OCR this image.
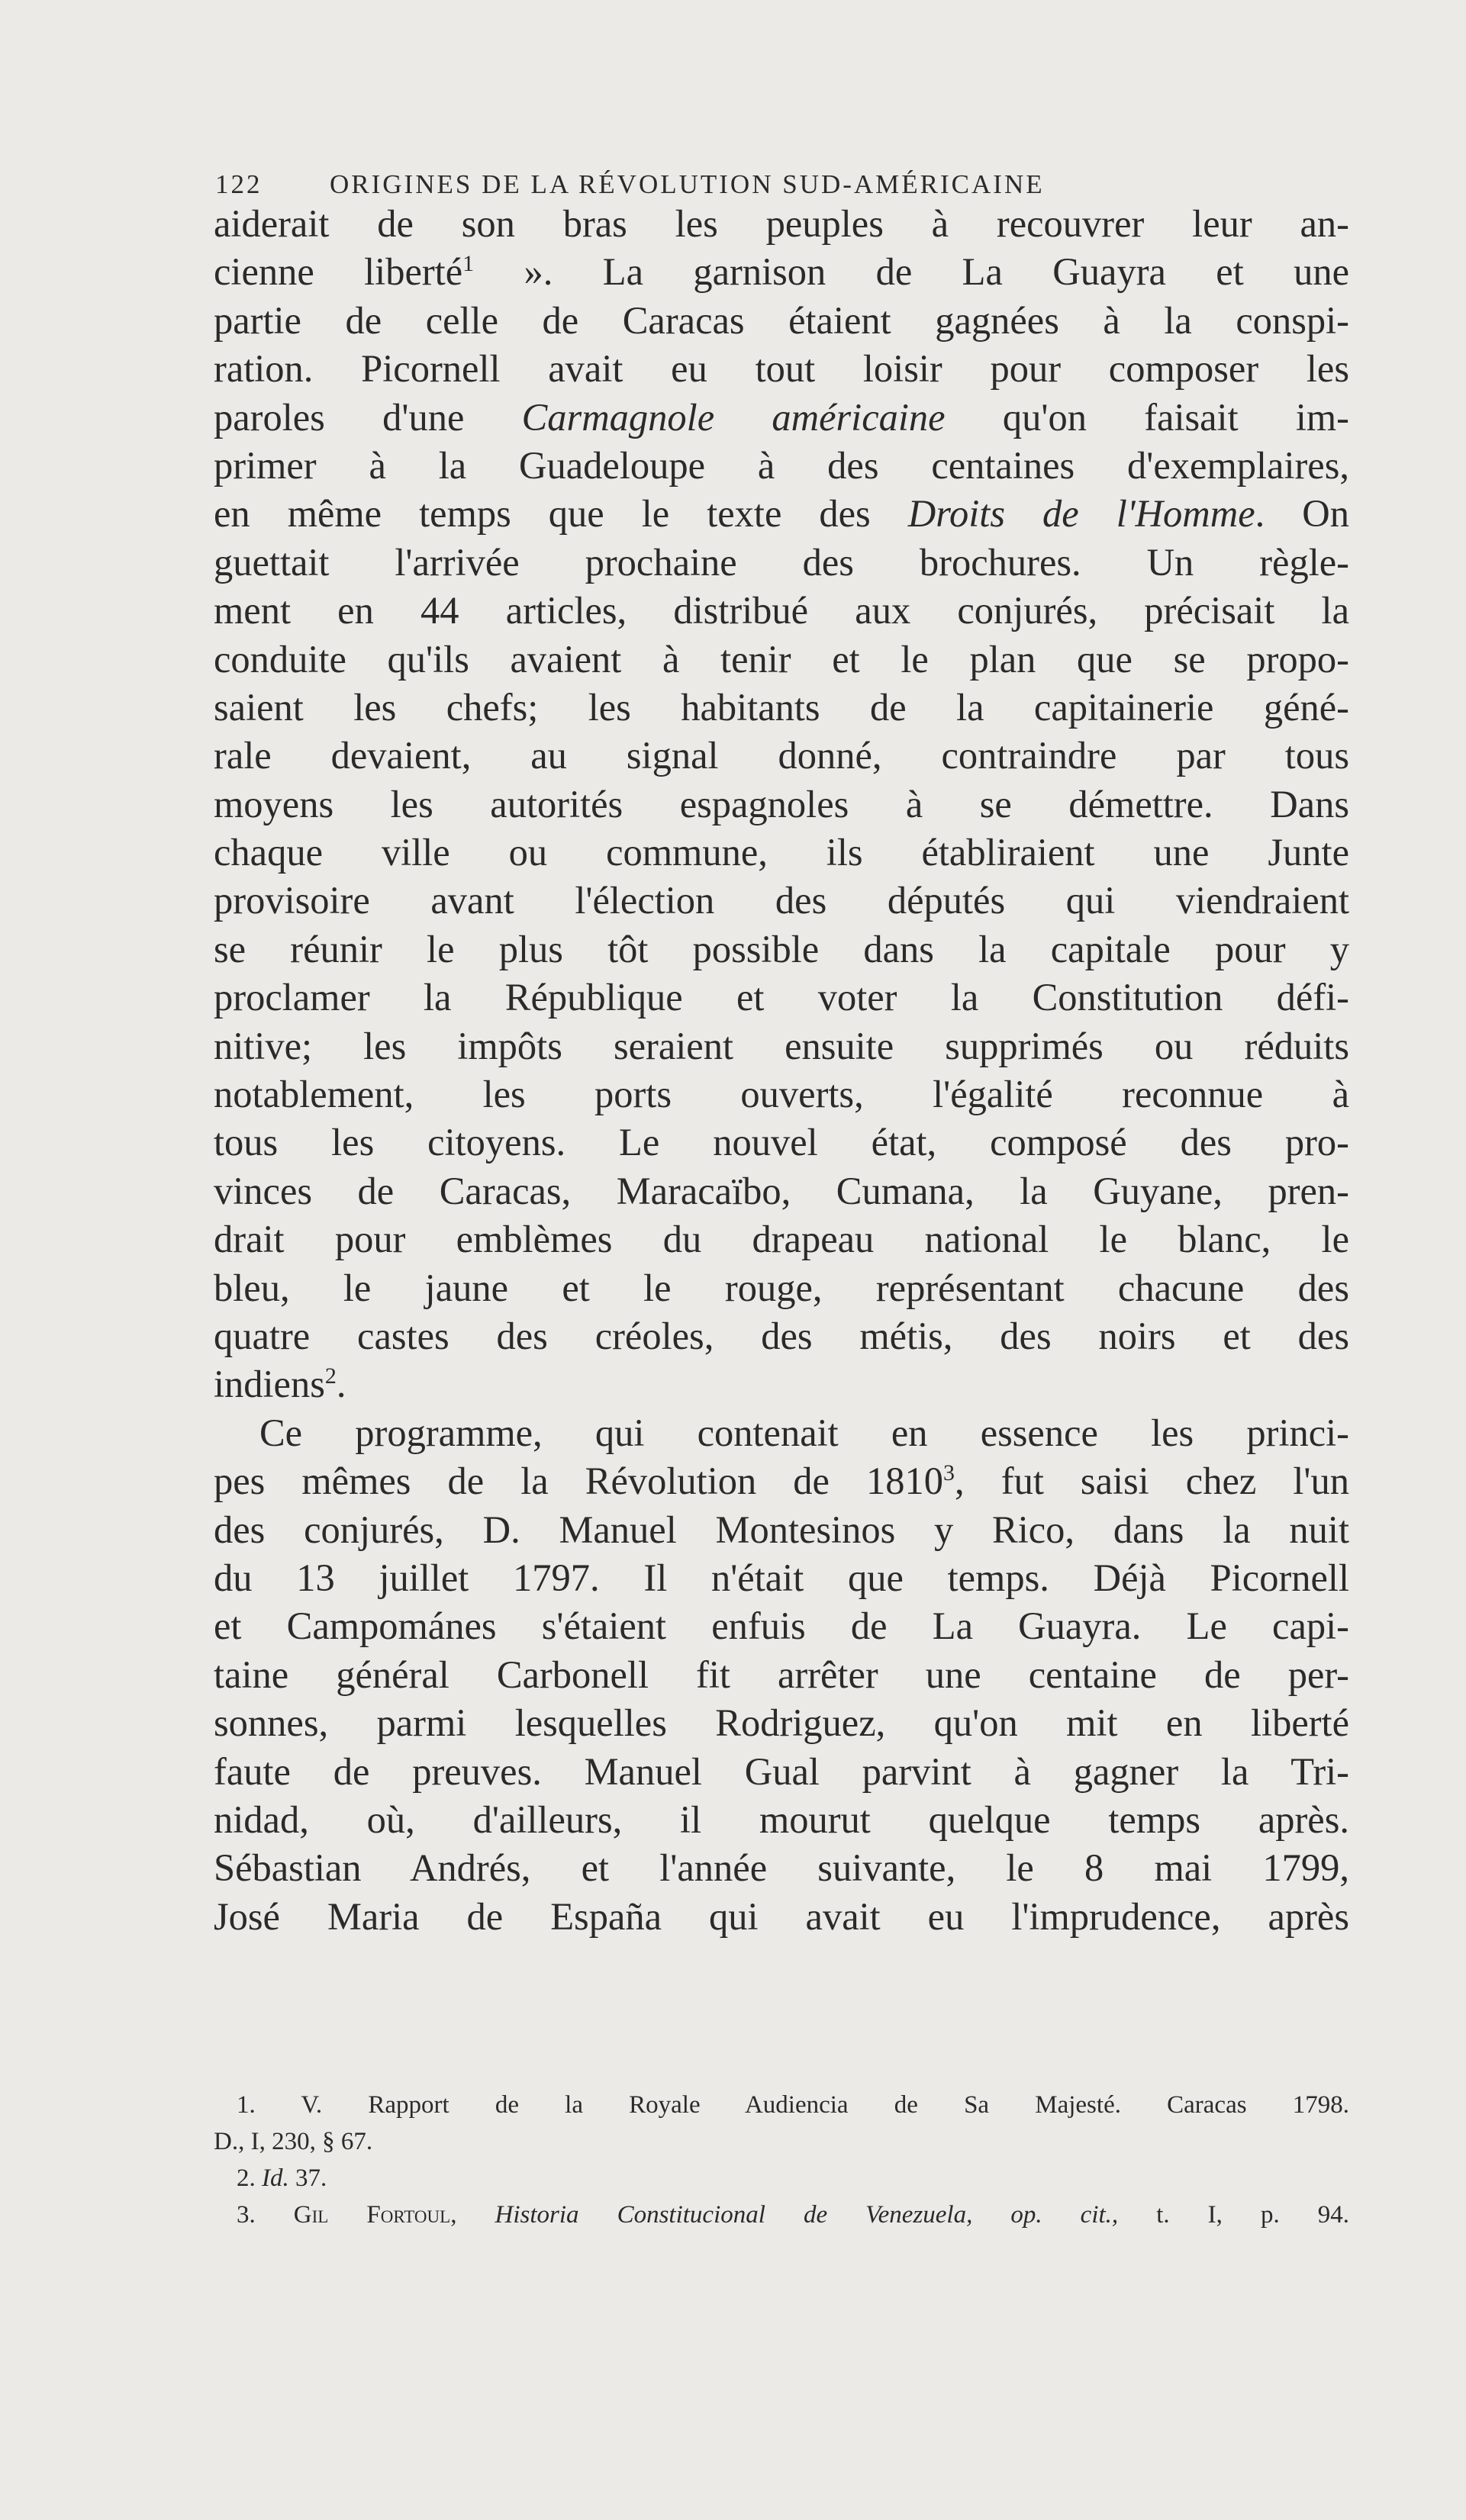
122	ORIGINES DE LA RÉVOLUTION SUD-AMÉRICAINE
aiderait de son bras les peuples à recouvrer leur an-
cienne liberté$^1$ ». La garnison de La Guayra et une
partie de celle de Caracas étaient gagnées à la conspi-
ration. Picornell avait eu tout loisir pour composer les
paroles d'une Carmagnole américaine qu'on faisait im-
primer à la Guadeloupe à des centaines d'exemplaires,
en même temps que le texte des Droits de l'Homme. On
guettait l'arrivée prochaine des brochures. Un règle-
ment en 44 articles, distribué aux conjurés, précisait la
conduite qu'ils avaient à tenir et le plan que se propo-
saient les chefs; les habitants de la capitainerie géné-
rale devaient, au signal donné, contraindre par tous
moyens les autorités espagnoles à se démettre. Dans
chaque ville ou commune, ils établiraient une Junte
provisoire avant l'élection des députés qui viendraient
se réunir le plus tôt possible dans la capitale pour y
proclamer la République et voter la Constitution défi-
nitive; les impôts seraient ensuite supprimés ou réduits
notablement, les ports ouverts, l'égalité reconnue à
tous les citoyens. Le nouvel état, composé des pro-
vinces de Caracas, Maracaïbo, Cumana, la Guyane, pren-
drait pour emblèmes du drapeau national le blanc, le
bleu, le jaune et le rouge, représentant chacune des
quatre castes des créoles, des métis, des noirs et des
indiens$^2$.
Ce programme, qui contenait en essence les princi-
pes mêmes de la Révolution de 1810$^3$, fut saisi chez l'un
des conjurés, D. Manuel Montesinos y Rico, dans la nuit
du 13 juillet 1797. Il n'était que temps. Déjà Picornell
et Campománes s'étaient enfuis de La Guayra. Le capi-
taine général Carbonell fit arrêter une centaine de per-
sonnes, parmi lesquelles Rodriguez, qu'on mit en liberté
faute de preuves. Manuel Gual parvint à gagner la Tri-
nidad, où, d'ailleurs, il mourut quelque temps après.
Sébastian Andrés, et l'année suivante, le 8 mai 1799,
José Maria de España qui avait eu l'imprudence, après
1. V. Rapport de la Royale Audiencia de Sa Majesté. Caracas 1798.
D., I, 230, § 67.
2. Id. 37.
3. Gil Fortoul, Historia Constitucional de Venezuela, op. cit., t. I, p. 94.
